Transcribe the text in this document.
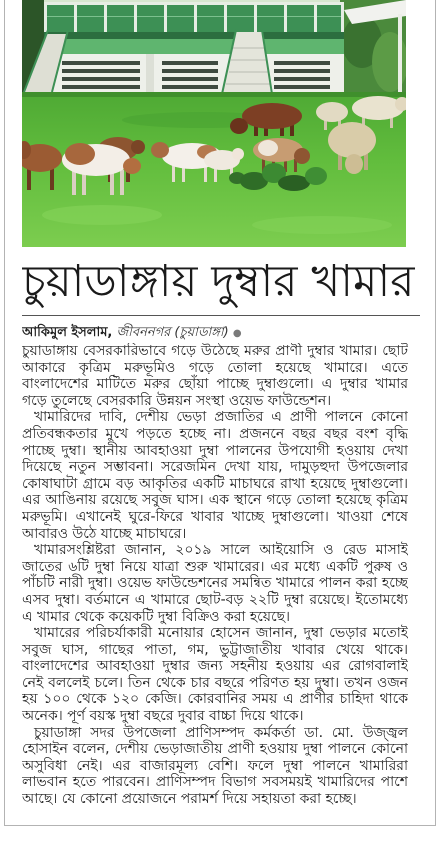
চুয়াডাঙ্গায় দুম্বার খামার
আকিমুল ইসলাম, জীবননগর (চুয়াডাঙ্গা) ●

চুয়াডাঙ্গায় বেসরকারিভাবে গড়ে উঠেছে মরুর প্রাণী দুম্বার খামার। ছোট আকারে কৃত্রিম মরুভূমিও গড়ে তোলা হয়েছে খামারে। এতে বাংলাদেশের মাটিতে মরুর ছোঁয়া পাচ্ছে দুম্বাগুলো। এ দুম্বার খামার গড়ে তুলেছে বেসরকারি উন্নয়ন সংস্থা ওয়েভ ফাউন্ডেশন।

খামারিদের দাবি, দেশীয় ভেড়া প্রজাতির এ প্রাণী পালনে কোনো প্রতিবন্ধকতার মুখে পড়তে হচ্ছে না। প্রজননে বছর বছর বংশ বৃদ্ধি পাচ্ছে দুম্বা। স্থানীয় আবহাওয়া দুম্বা পালনের উপযোগী হওয়ায় দেখা দিয়েছে নতুন সম্ভাবনা। সরেজমিন দেখা যায়, দামুড়হুদা উপজেলার কোষাঘাটা গ্রামে বড় আকৃতির একটি মাচাঘরে রাখা হয়েছে দুম্বাগুলো। এর আঙিনায় রয়েছে সবুজ ঘাস। এক স্থানে গড়ে তোলা হয়েছে কৃত্রিম মরুভূমি। এখানেই ঘুরে-ফিরে খাবার খাচ্ছে দুম্বাগুলো। খাওয়া শেষে আবারও উঠে যাচ্ছে মাচাঘরে।

খামারসংশ্লিষ্টরা জানান, ২০১৯ সালে আইয়োসি ও রেড মাসাই জাতের ৬টি দুম্বা নিয়ে যাত্রা শুরু খামারের। এর মধ্যে একটি পুরুষ ও পাঁচটি নারী দুম্বা। ওয়েভ ফাউন্ডেশনের সমন্বিত খামারে পালন করা হচ্ছে এসব দুম্বা। বর্তমানে এ খামারে ছোট-বড় ২২টি দুম্বা রয়েছে। ইতোমধ্যে এ খামার থেকে কয়েকটি দুম্বা বিক্রিও করা হয়েছে।

খামারের পরিচর্যাকারী মনোয়ার হোসেন জানান, দুম্বা ভেড়ার মতোই সবুজ ঘাস, গাছের পাতা, গম, ভুট্টাজাতীয় খাবার খেয়ে থাকে। বাংলাদেশের আবহাওয়া দুম্বার জন্য সহনীয় হওয়ায় এর রোগবালাই নেই বললেই চলে। তিন থেকে চার বছরে পরিণত হয় দুম্বা। তখন ওজন হয় ১০০ থেকে ১২০ কেজি। কোরবানির সময় এ প্রাণীর চাহিদা থাকে অনেক। পূর্ণ বয়স্ক দুম্বা বছরে দুবার বাচ্চা দিয়ে থাকে।

চুয়াডাঙ্গা সদর উপজেলা প্রাণিসম্পদ কর্মকর্তা ডা. মো. উজ্জ্বল হোসাইন বলেন, দেশীয় ভেড়াজাতীয় প্রাণী হওয়ায় দুম্বা পালনে কোনো অসুবিধা নেই। এর বাজারমূল্য বেশি। ফলে দুম্বা পালনে খামারিরা লাভবান হতে পারবেন। প্রাণিসম্পদ বিভাগ সবসময়ই খামারিদের পাশে আছে। যে কোনো প্রয়োজনে পরামর্শ দিয়ে সহায়তা করা হচ্ছে।
